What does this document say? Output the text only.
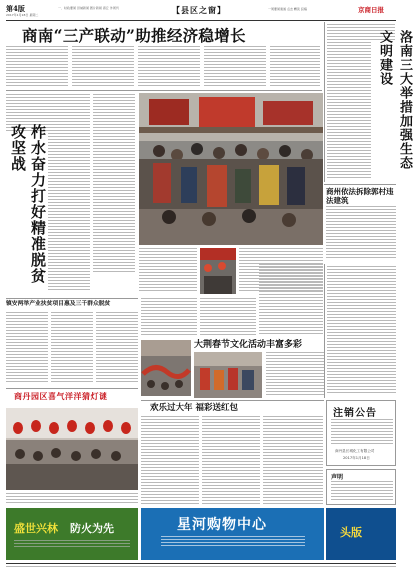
第4版
2017年1月18日 星期二
一、时政要闻 县域新闻 图片新闻 商丘 外周刊	【县区之窗】	一周要闻速递 点击 精读 投稿	京商日报
商南“三产联动”助推经济稳增长	洛南三大举措加强生态文明建设
柞水奋力打好精准脱贫攻坚战
商州依法拆除郭村违法建筑
镇安两举产业扶贫项目惠及三千群众脱贫
大荆春节文化活动丰富多彩
商丹园区喜气洋洋猜灯谜
欢乐过大年 福彩送红包	注销公告
商丹县长城化工有限公司
2017年1月18日
声明
盛世兴林 防火为先	星河购物中心	头版
